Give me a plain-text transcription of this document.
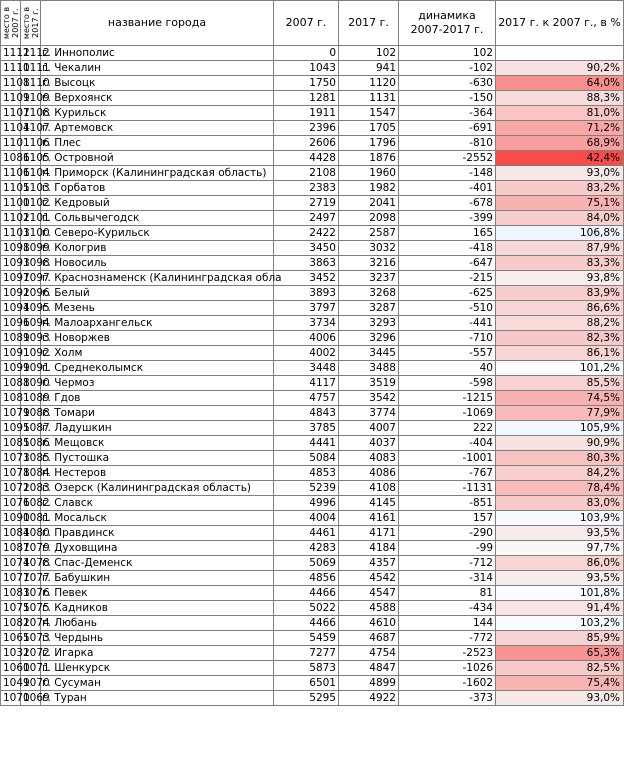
место в 2007 г.	место в 2017 г.	название города	2007 г.	2017 г.	динамика 2007-2017 г.	2017 г. к 2007 г., в %
1112	1112	г. Иннополис	0	102	102	
1110	1111	г. Чекалин	1043	941	-102	90,2%
1108	1110	г. Высоцк	1750	1120	-630	64,0%
1109	1109	г. Верхоянск	1281	1131	-150	88,3%
1107	1108	г. Курильск	1911	1547	-364	81,0%
1104	1107	г. Артемовск	2396	1705	-691	71,2%
1101	1106	г. Плес	2606	1796	-810	68,9%
1086	1105	г. Островной	4428	1876	-2552	42,4%
1106	1104	г. Приморск (Калининградская область)	2108	1960	-148	93,0%
1105	1103	г. Горбатов	2383	1982	-401	83,2%
1100	1102	г. Кедровый	2719	2041	-678	75,1%
1102	1101	г. Сольвычегодск	2497	2098	-399	84,0%
1103	1100	г. Северо-Курильск	2422	2587	165	106,8%
1098	1099	г. Кологрив	3450	3032	-418	87,9%
1093	1098	г. Новосиль	3863	3216	-647	83,3%
1097	1097	г. Краснознаменск (Калининградская обла	3452	3237	-215	93,8%
1092	1096	г. Белый	3893	3268	-625	83,9%
1094	1095	г. Мезень	3797	3287	-510	86,6%
1096	1094	г. Малоархангельск	3734	3293	-441	88,2%
1089	1093	г. Новоржев	4006	3296	-710	82,3%
1091	1092	г. Холм	4002	3445	-557	86,1%
1099	1091	г. Среднеколымск	3448	3488	40	101,2%
1088	1090	г. Чермоз	4117	3519	-598	85,5%
1081	1089	г. Гдов	4757	3542	-1215	74,5%
1079	1088	г. Томари	4843	3774	-1069	77,9%
1095	1087	г. Ладушкин	3785	4007	222	105,9%
1085	1086	г. Мещовск	4441	4037	-404	90,9%
1073	1085	г. Пустошка	5084	4083	-1001	80,3%
1078	1084	г. Нестеров	4853	4086	-767	84,2%
1072	1083	г. Озерск (Калининградская область)	5239	4108	-1131	78,4%
1076	1082	г. Славск	4996	4145	-851	83,0%
1090	1081	г. Мосальск	4004	4161	157	103,9%
1084	1080	г. Правдинск	4461	4171	-290	93,5%
1087	1079	г. Духовщина	4283	4184	-99	97,7%
1074	1078	г. Спас-Деменск	5069	4357	-712	86,0%
1077	1077	г. Бабушкин	4856	4542	-314	93,5%
1083	1076	г. Певек	4466	4547	81	101,8%
1075	1075	г. Кадников	5022	4588	-434	91,4%
1082	1074	г. Любань	4466	4610	144	103,2%
1065	1073	г. Чердынь	5459	4687	-772	85,9%
1032	1072	г. Игарка	7277	4754	-2523	65,3%
1060	1071	г. Шенкурск	5873	4847	-1026	82,5%
1049	1070	г. Сусуман	6501	4899	-1602	75,4%
1070	1069	г. Туран	5295	4922	-373	93,0%
